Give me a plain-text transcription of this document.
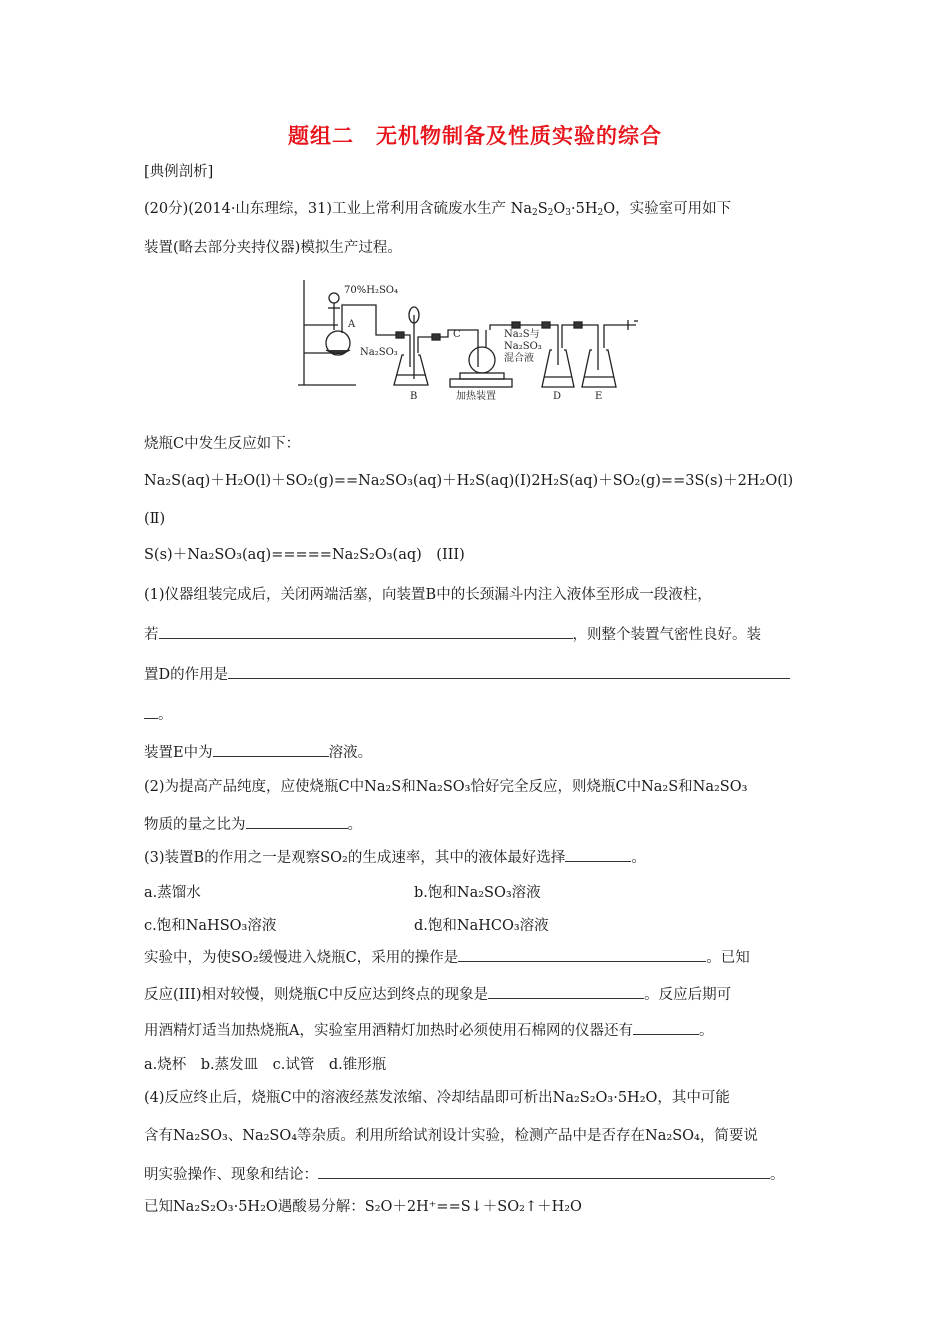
题组二　无机物制备及性质实验的综合
[典例剖析]
(20分)(2014·山东理综，31)工业上常利用含硫废水生产 $Na_2S_2O_3\cdot 5H_2O$，实验室可用如下
装置(略去部分夹持仪器)模拟生产过程。
70%H₂SO₄
A
Na₂SO₃
B
C	Na₂S与
Na₂SO₃
混合液
加热装置	D	E
烧瓶C中发生反应如下：
Na₂S(aq)＋H₂O(l)＋SO₂(g)==Na₂SO₃(aq)＋H₂S(aq)(Ⅰ)2H₂S(aq)＋SO₂(g)==3S(s)＋2H₂O(l)
(Ⅱ)
S(s)＋Na₂SO₃(aq)=====Na₂S₂O₃(aq)　(III)
(1)仪器组装完成后，关闭两端活塞，向装置B中的长颈漏斗内注入液体至形成一段液柱，
若	，则整个装置气密性良好。装
置D的作用是
。
装置E中为	溶液。
(2)为提高产品纯度，应使烧瓶C中Na₂S和Na₂SO₃恰好完全反应，则烧瓶C中Na₂S和Na₂SO₃
物质的量之比为	。
(3)装置B的作用之一是观察SO₂的生成速率，其中的液体最好选择	。
a.蒸馏水	b.饱和Na₂SO₃溶液
c.饱和NaHSO₃溶液	d.饱和NaHCO₃溶液
实验中，为使SO₂缓慢进入烧瓶C，采用的操作是	。已知
反应(III)相对较慢，则烧瓶C中反应达到终点的现象是	。反应后期可
用酒精灯适当加热烧瓶A，实验室用酒精灯加热时必须使用石棉网的仪器还有	。
a.烧杯　b.蒸发皿　c.试管　d.锥形瓶
(4)反应终止后，烧瓶C中的溶液经蒸发浓缩、冷却结晶即可析出Na₂S₂O₃·5H₂O，其中可能
含有Na₂SO₃、Na₂SO₄等杂质。利用所给试剂设计实验，检测产品中是否存在Na₂SO₄，简要说
明实验操作、现象和结论：	。
已知Na₂S₂O₃·5H₂O遇酸易分解：S₂O＋2H⁺==S↓＋SO₂↑＋H₂O
